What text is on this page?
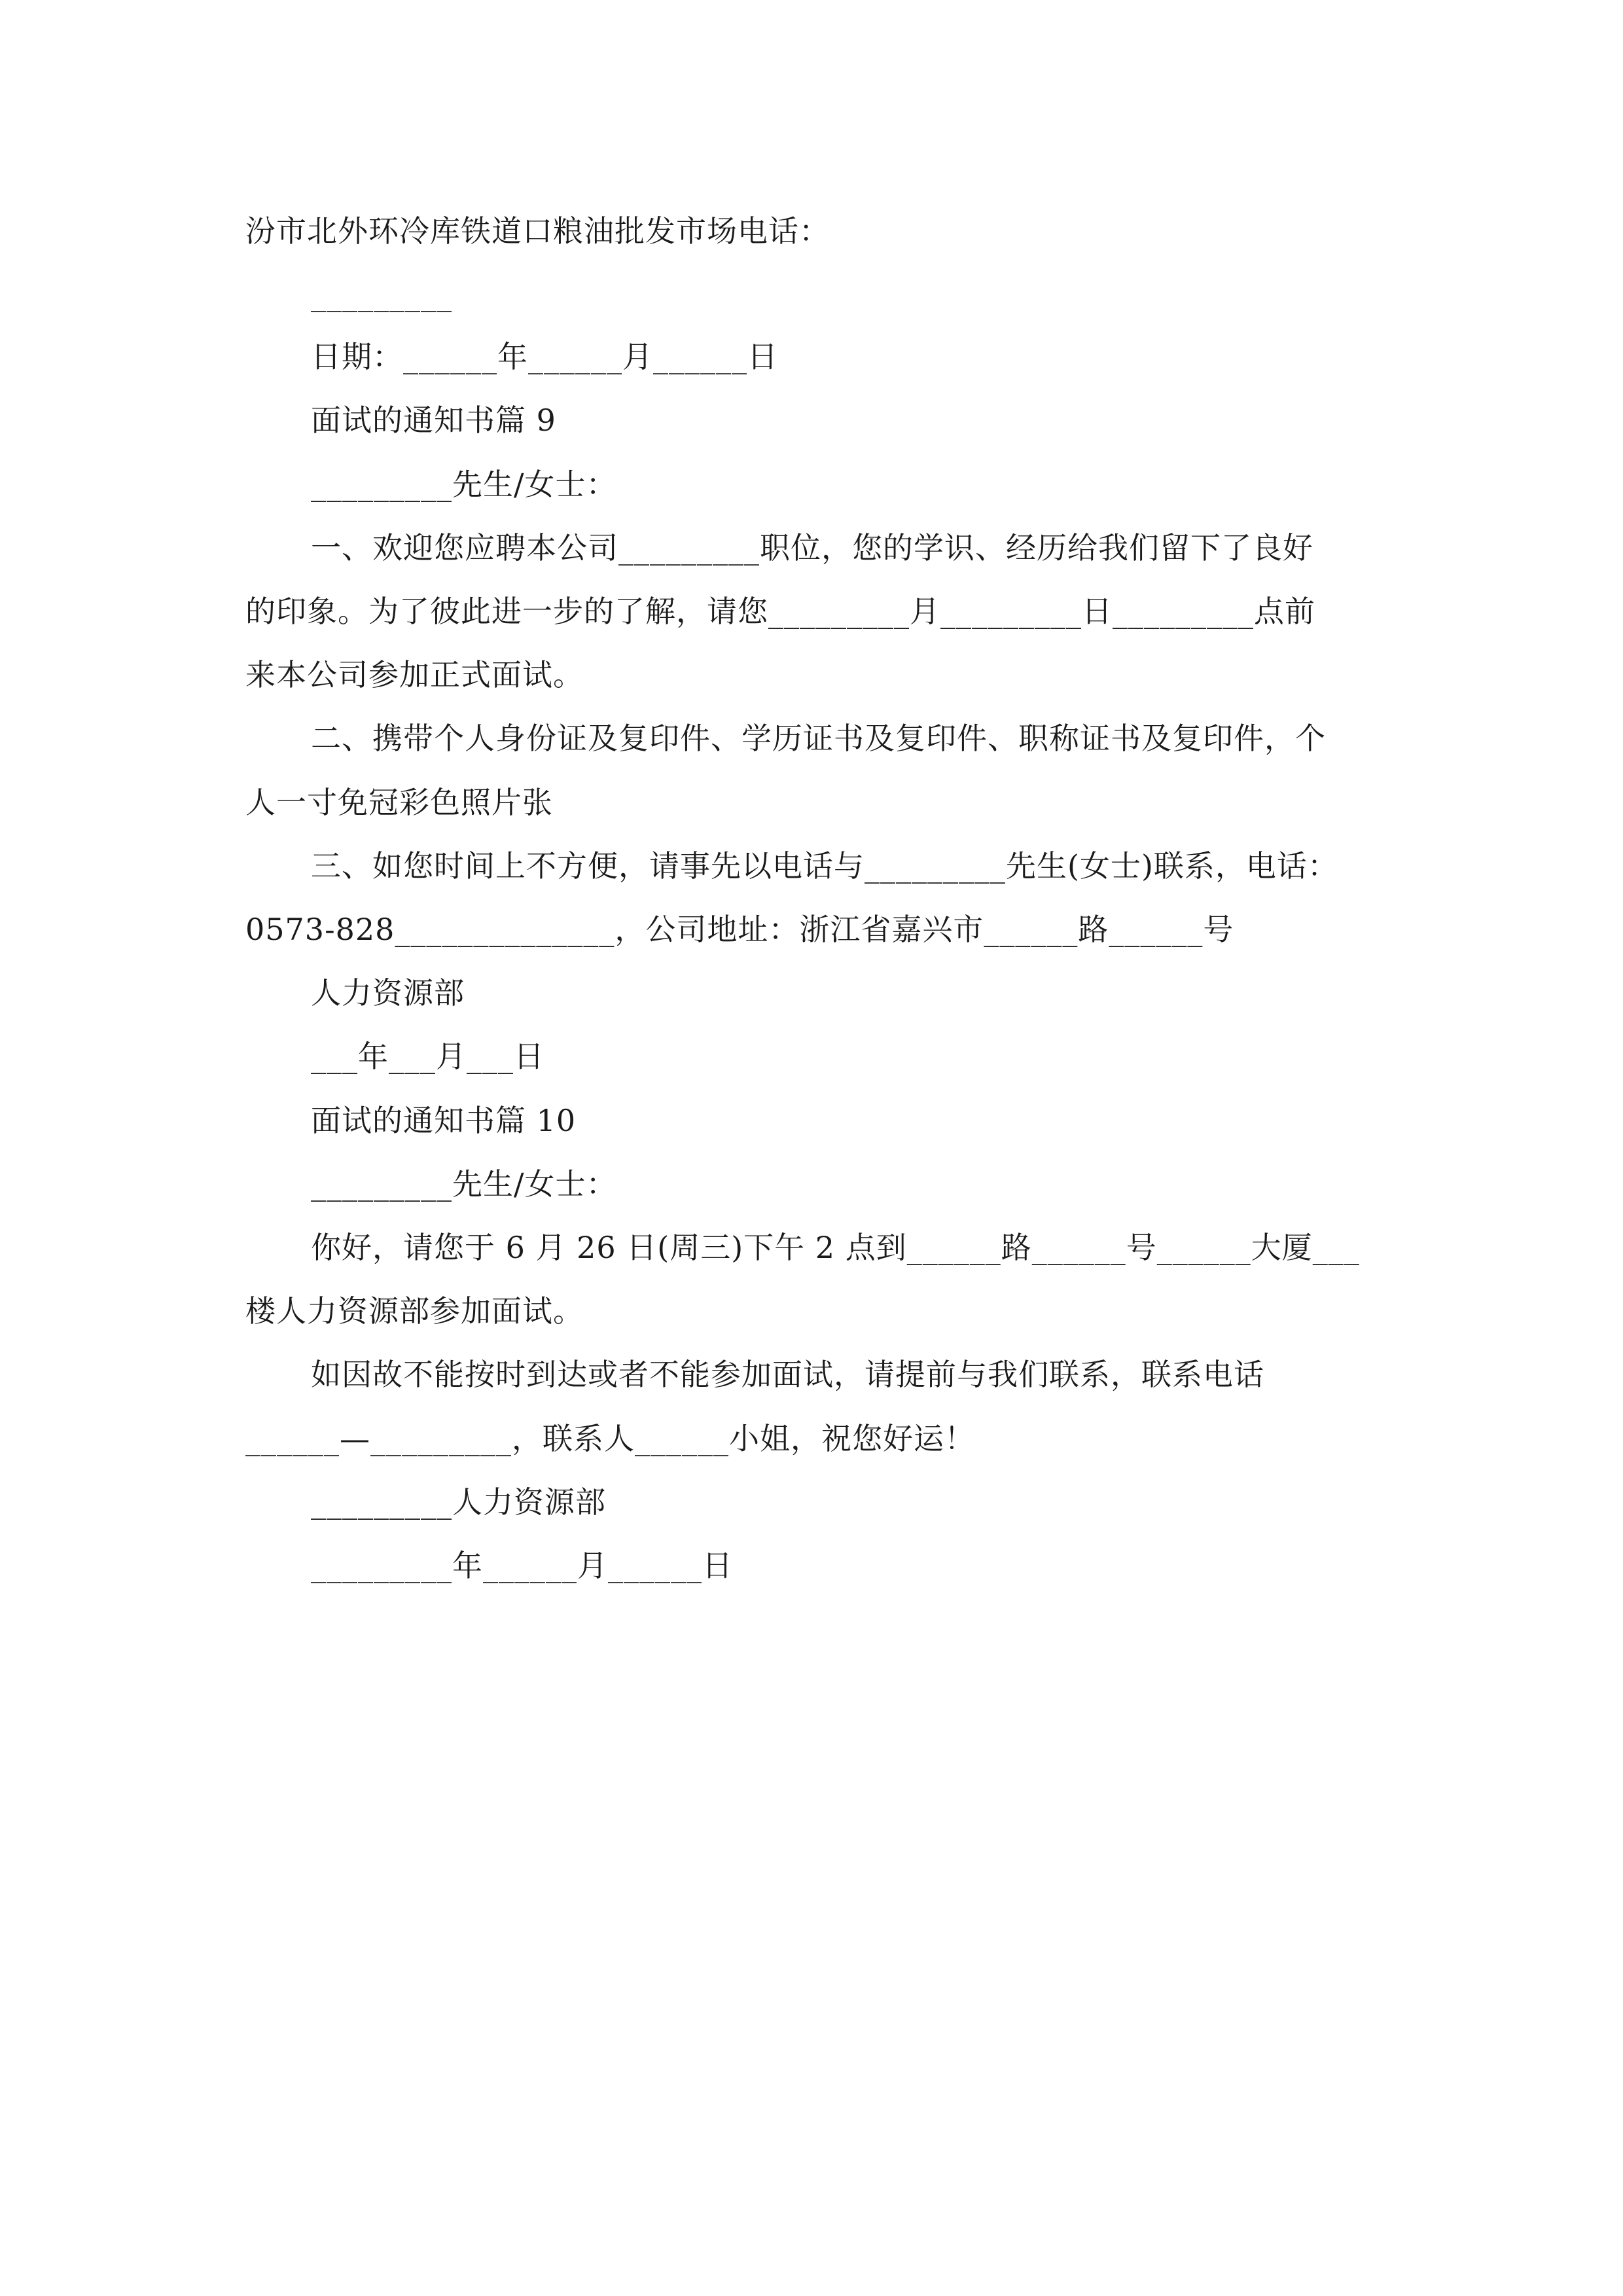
汾市北外环冷库铁道口粮油批发市场电话：
_________
日期：______年______月______日
面试的通知书篇 9
_________先生/女士：
一、欢迎您应聘本公司_________职位，您的学识、经历给我们留下了良好
的印象。为了彼此进一步的了解，请您_________月_________日_________点前
来本公司参加正式面试。
二、携带个人身份证及复印件、学历证书及复印件、职称证书及复印件，个
人一寸免冠彩色照片张
三、如您时间上不方便，请事先以电话与_________先生(女士)联系，电话：
0573-828______________，公司地址：浙江省嘉兴市______路______号
人力资源部
___年___月___日
面试的通知书篇 10
_________先生/女士：
你好，请您于 6 月 26 日(周三)下午 2 点到______路______号______大厦___
楼人力资源部参加面试。
如因故不能按时到达或者不能参加面试，请提前与我们联系，联系电话
______—_________，联系人______小姐，祝您好运！
_________人力资源部
_________年______月______日
